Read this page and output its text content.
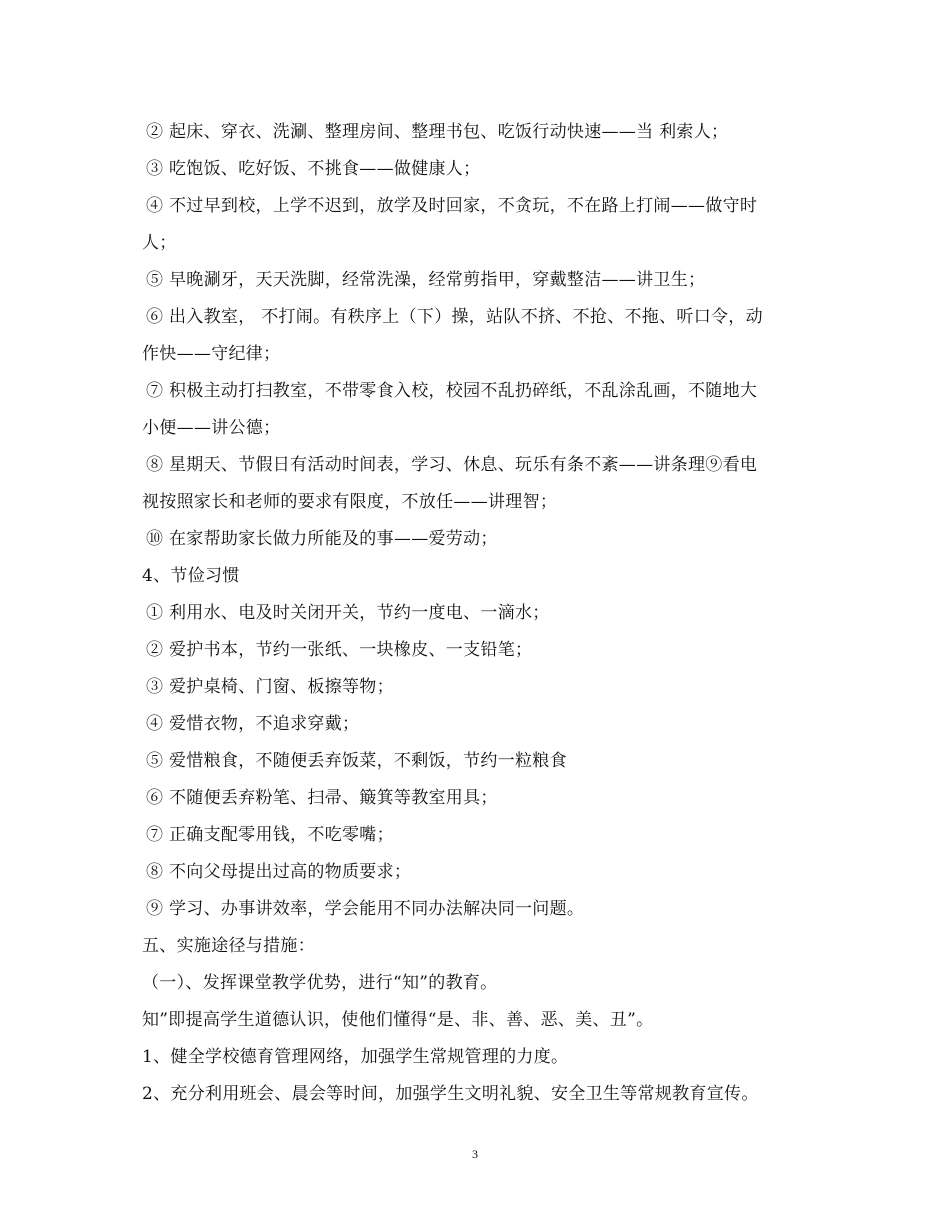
② 起床、穿衣、洗涮、整理房间、整理书包、吃饭行动快速——当 利索人；
③ 吃饱饭、吃好饭、不挑食——做健康人；
④ 不过早到校，上学不迟到，放学及时回家，不贪玩，不在路上打闹——做守时
人；
⑤ 早晚涮牙，天天洗脚，经常洗澡，经常剪指甲，穿戴整洁——讲卫生；
⑥ 出入教室， 不打闹。有秩序上（下）操，站队不挤、不抢、不拖、听口令，动
作快——守纪律；
⑦ 积极主动打扫教室，不带零食入校，校园不乱扔碎纸，不乱涂乱画，不随地大
小便——讲公德；
⑧ 星期天、节假日有活动时间表，学习、休息、玩乐有条不紊——讲条理⑨看电
视按照家长和老师的要求有限度，不放任——讲理智；
⑩ 在家帮助家长做力所能及的事——爱劳动；
4、节俭习惯
① 利用水、电及时关闭开关，节约一度电、一滴水；
② 爱护书本，节约一张纸、一块橡皮、一支铅笔；
③ 爱护桌椅、门窗、板擦等物；
④ 爱惜衣物，不追求穿戴；
⑤ 爱惜粮食，不随便丢弃饭菜，不剩饭，节约一粒粮食
⑥ 不随便丢弃粉笔、扫帚、簸箕等教室用具；
⑦ 正确支配零用钱，不吃零嘴；
⑧ 不向父母提出过高的物质要求；
⑨ 学习、办事讲效率，学会能用不同办法解决同一问题。
五、实施途径与措施：
（一）、发挥课堂教学优势，进行“知”的教育。
知”即提高学生道德认识，使他们懂得“是、非、善、恶、美、丑”。
1、健全学校德育管理网络，加强学生常规管理的力度。
2、充分利用班会、晨会等时间，加强学生文明礼貌、安全卫生等常规教育宣传。
3
